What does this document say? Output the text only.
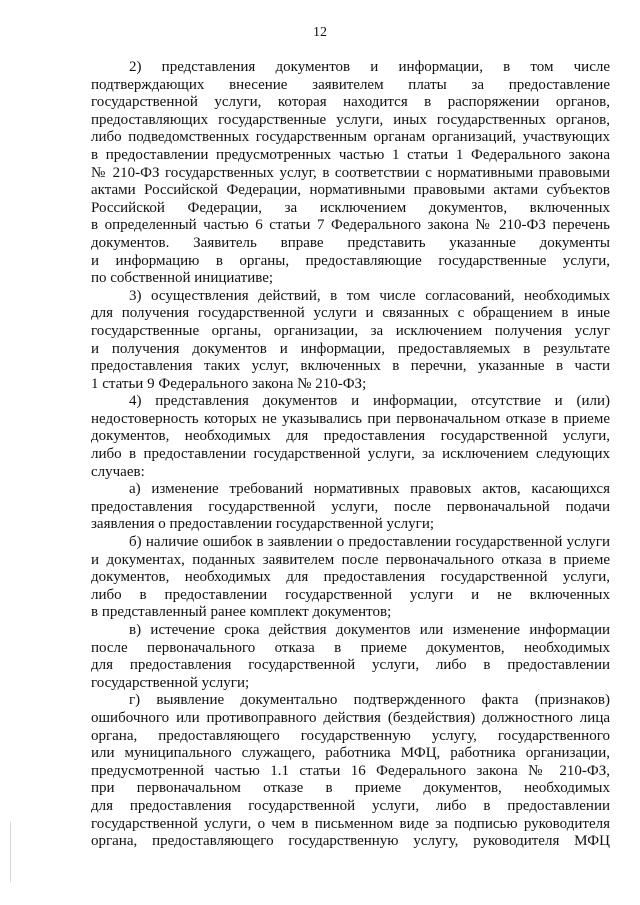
12
2) представления документов и информации, в том числе
подтверждающих внесение заявителем платы за предоставление
государственной услуги, которая находится в распоряжении органов,
предоставляющих государственные услуги, иных государственных органов,
либо подведомственных государственным органам организаций, участвующих
в предоставлении предусмотренных частью 1 статьи 1 Федерального закона
№ 210-ФЗ государственных услуг, в соответствии с нормативными правовыми
актами Российской Федерации, нормативными правовыми актами субъектов
Российской Федерации, за исключением документов, включенных
в определенный частью 6 статьи 7 Федерального закона № 210-ФЗ перечень
документов. Заявитель вправе представить указанные документы
и информацию в органы, предоставляющие государственные услуги,
по собственной инициативе;
3) осуществления действий, в том числе согласований, необходимых
для получения государственной услуги и связанных с обращением в иные
государственные органы, организации, за исключением получения услуг
и получения документов и информации, предоставляемых в результате
предоставления таких услуг, включенных в перечни, указанные в части
1 статьи 9 Федерального закона № 210-ФЗ;
4) представления документов и информации, отсутствие и (или)
недостоверность которых не указывались при первоначальном отказе в приеме
документов, необходимых для предоставления государственной услуги,
либо в предоставлении государственной услуги, за исключением следующих
случаев:
а) изменение требований нормативных правовых актов, касающихся
предоставления государственной услуги, после первоначальной подачи
заявления о предоставлении государственной услуги;
б) наличие ошибок в заявлении о предоставлении государственной услуги
и документах, поданных заявителем после первоначального отказа в приеме
документов, необходимых для предоставления государственной услуги,
либо в предоставлении государственной услуги и не включенных
в представленный ранее комплект документов;
в) истечение срока действия документов или изменение информации
после первоначального отказа в приеме документов, необходимых
для предоставления государственной услуги, либо в предоставлении
государственной услуги;
г) выявление документально подтвержденного факта (признаков)
ошибочного или противоправного действия (бездействия) должностного лица
органа, предоставляющего государственную услугу, государственного
или муниципального служащего, работника МФЦ, работника организации,
предусмотренной частью 1.1 статьи 16 Федерального закона № 210-ФЗ,
при первоначальном отказе в приеме документов, необходимых
для предоставления государственной услуги, либо в предоставлении
государственной услуги, о чем в письменном виде за подписью руководителя
органа, предоставляющего государственную услугу, руководителя МФЦ
